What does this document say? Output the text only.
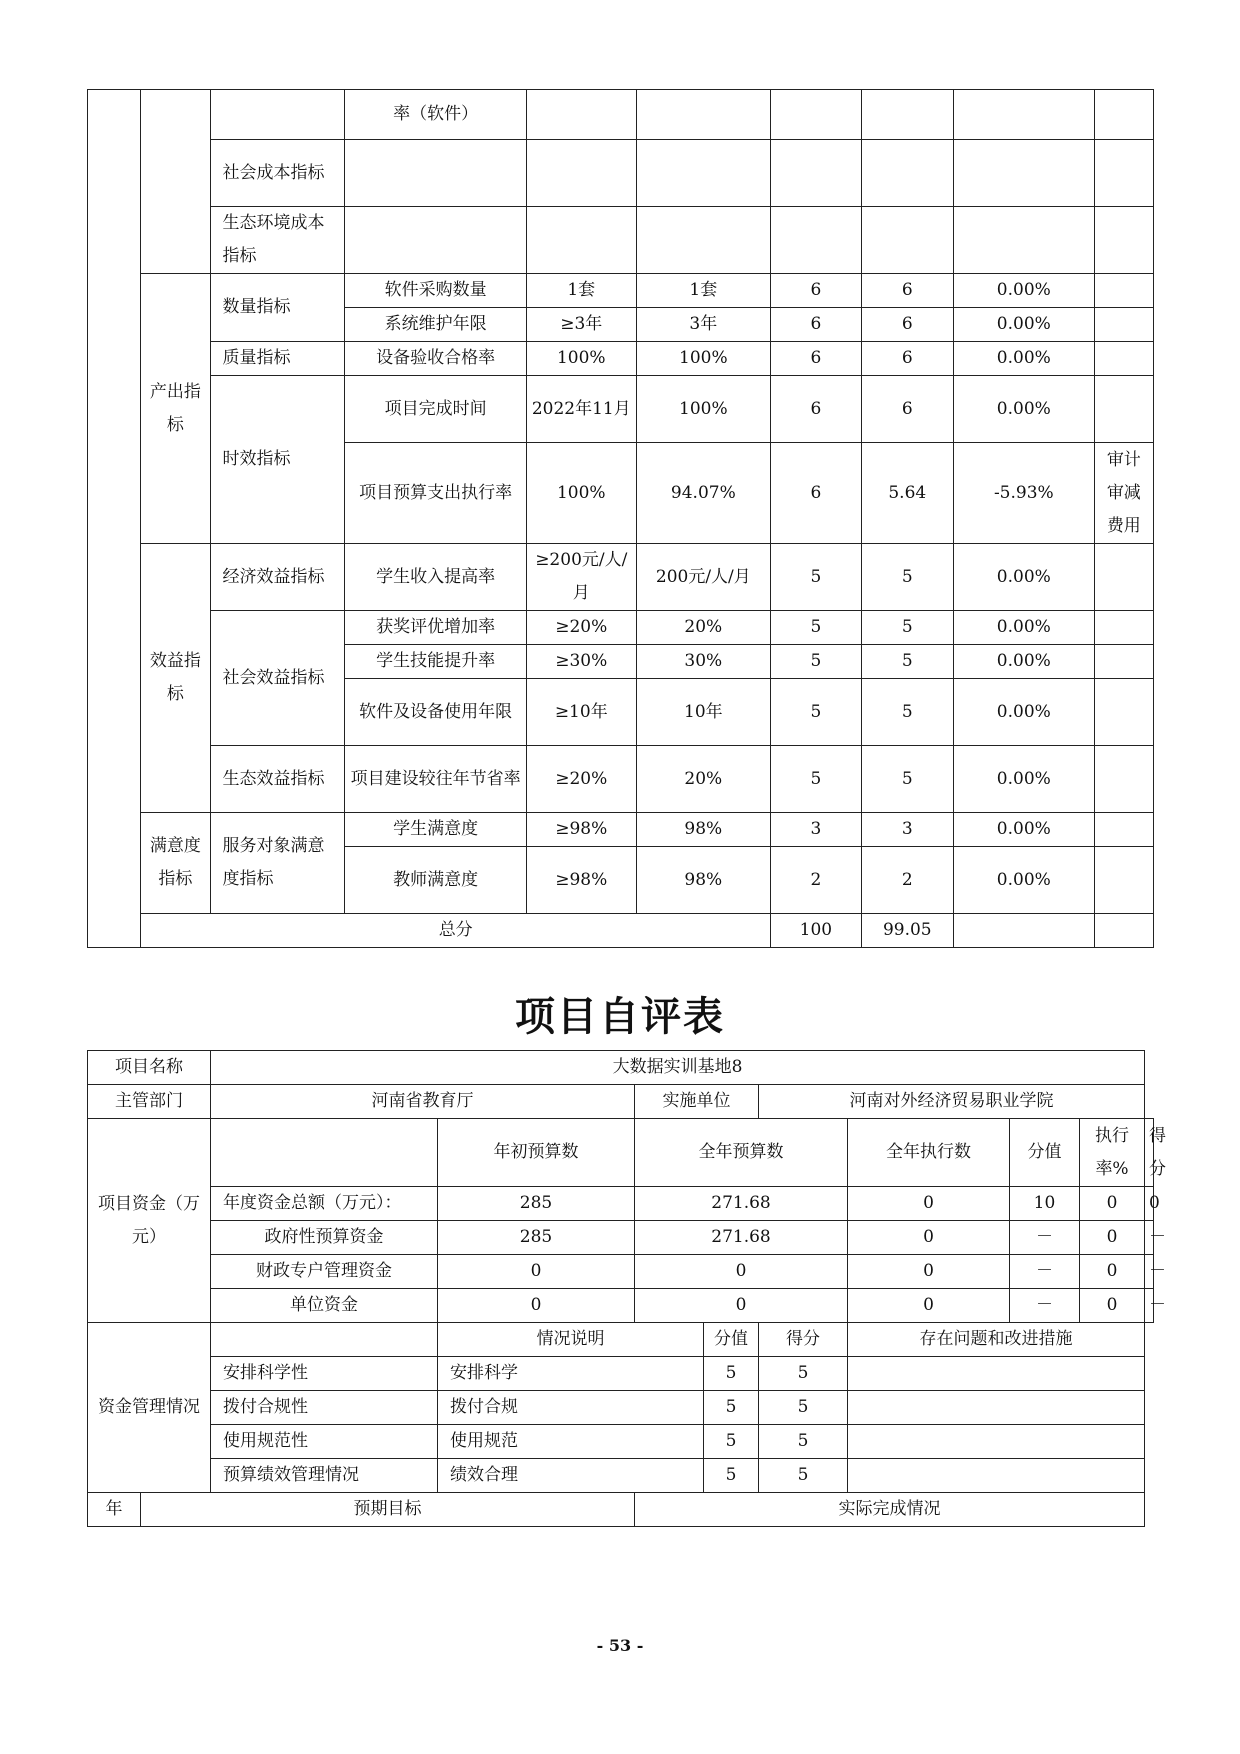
			率（软件）						
		社会成本指标							
		生态环境成本指标							
	产出指标	数量指标	软件采购数量	1套	1套	6	6	0.00%	
			系统维护年限	≥3年	3年	6	6	0.00%	
		质量指标	设备验收合格率	100%	100%	6	6	0.00%	
		时效指标	项目完成时间	2022年11月	100%	6	6	0.00%	
			项目预算支出执行率	100%	94.07%	6	5.64	-5.93%	审计审减费用
	效益指标	经济效益指标	学生收入提高率	≥200元/人/月	200元/人/月	5	5	0.00%	
		社会效益指标	获奖评优增加率	≥20%	20%	5	5	0.00%	
			学生技能提升率	≥30%	30%	5	5	0.00%	
			软件及设备使用年限	≥10年	10年	5	5	0.00%	
		生态效益指标	项目建设较往年节省率	≥20%	20%	5	5	0.00%	
	满意度指标	服务对象满意度指标	学生满意度	≥98%	98%	3	3	0.00%	
			教师满意度	≥98%	98%	2	2	0.00%	
	总分					100	99.05		
项目自评表
项目名称		大数据实训基地8								
主管部门		河南省教育厅		实施单位		河南对外经济贸易职业学院				
项目资金（万元）			年初预算数	全年预算数			全年执行数	分值	执行率%	得分
		年度资金总额（万元）：	285	271.68			0	10	0	0
		政府性预算资金	285	271.68			0	－	0	－
		财政专户管理资金	0	0			0	－	0	－
		单位资金	0	0			0	－	0	－
资金管理情况			情况说明		分值	得分	存在问题和改进措施			
		安排科学性	安排科学		5	5				
		拨付合规性	拨付合规		5	5				
		使用规范性	使用规范		5	5				
		预算绩效管理情况	绩效合理		5	5				
年	预期目标			实际完成情况						
- 53 -
